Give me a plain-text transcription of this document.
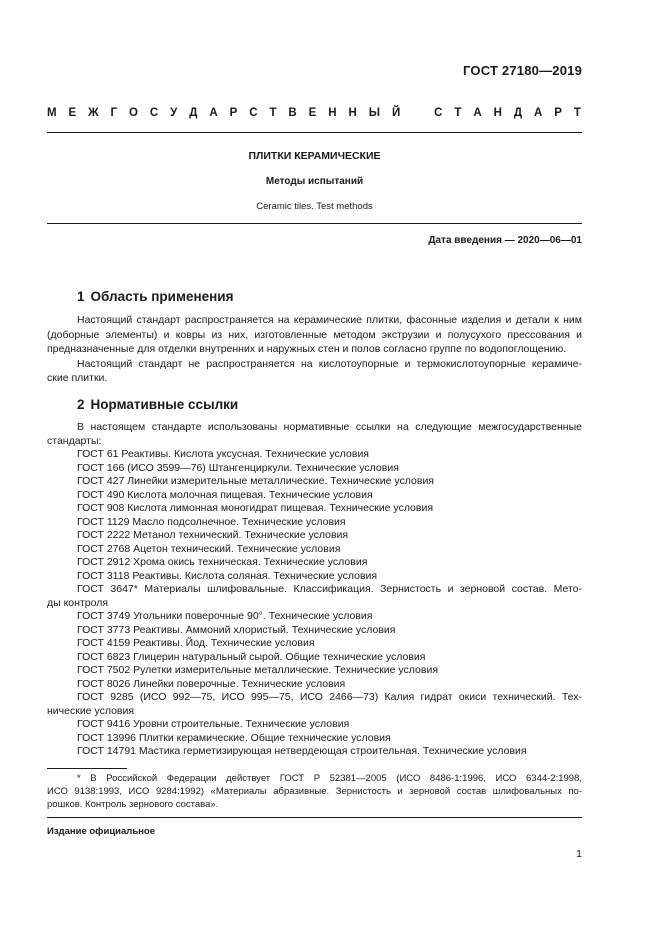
ГОСТ 27180—2019
М Е Ж Г О С У Д А Р С Т В Е Н Н Ы Й	С Т А Н Д А Р Т
ПЛИТКИ КЕРАМИЧЕСКИЕ
Методы испытаний
Ceramic tiles. Test methods
Дата введения — 2020—06—01
1 Область применения
Настоящий стандарт распространяется на керамические плитки, фасонные изделия и детали к ним
(доборные элементы) и ковры из них, изготовленные методом экструзии и полусухого прессования и
предназначенные для отделки внутренних и наружных стен и полов согласно группе по водопоглощению.
Настоящий стандарт не распространяется на кислотоупорные и термокислотоупорные керамиче-
ские плитки.
2 Нормативные ссылки
В настоящем стандарте использованы нормативные ссылки на следующие межгосударственные
стандарты:
ГОСТ 61 Реактивы. Кислота уксусная. Технические условия
ГОСТ 166 (ИСО 3599—76) Штангенциркули. Технические условия
ГОСТ 427 Линейки измерительные металлические. Технические условия
ГОСТ 490 Кислота молочная пищевая. Технические условия
ГОСТ 908 Кислота лимонная моногидрат пищевая. Технические условия
ГОСТ 1129 Масло подсолнечное. Технические условия
ГОСТ 2222 Метанол технический. Технические условия
ГОСТ 2768 Ацетон технический. Технические условия
ГОСТ 2912 Хрома окись техническая. Технические условия
ГОСТ 3118 Реактивы. Кислота соляная. Технические условия
ГОСТ 3647* Материалы шлифовальные. Классификация. Зернистость и зерновой состав. Мето-
ды контроля
ГОСТ 3749 Угольники поверочные 90°. Технические условия
ГОСТ 3773 Реактивы. Аммоний хлористый. Технические условия
ГОСТ 4159 Реактивы. Йод. Технические условия
ГОСТ 6823 Глицерин натуральный сырой. Общие технические условия
ГОСТ 7502 Рулетки измерительные металлические. Технические условия
ГОСТ 8026 Линейки поверочные. Технические условия
ГОСТ 9285 (ИСО 992—75, ИСО 995—75, ИСО 2466—73) Калия гидрат окиси технический. Тех-
нические условия
ГОСТ 9416 Уровни строительные. Технические условия
ГОСТ 13996 Плитки керамические. Общие технические условия
ГОСТ 14791 Мастика герметизирующая нетвердеющая строительная. Технические условия
* В Российской Федерации действует ГОСТ Р 52381—2005 (ИСО 8486-1:1996, ИСО 6344-2:1998,
ИСО 9138:1993, ИСО 9284:1992) «Материалы абразивные. Зернистость и зерновой состав шлифовальных по-
рошков. Контроль зернового состава».
Издание официальное
1
